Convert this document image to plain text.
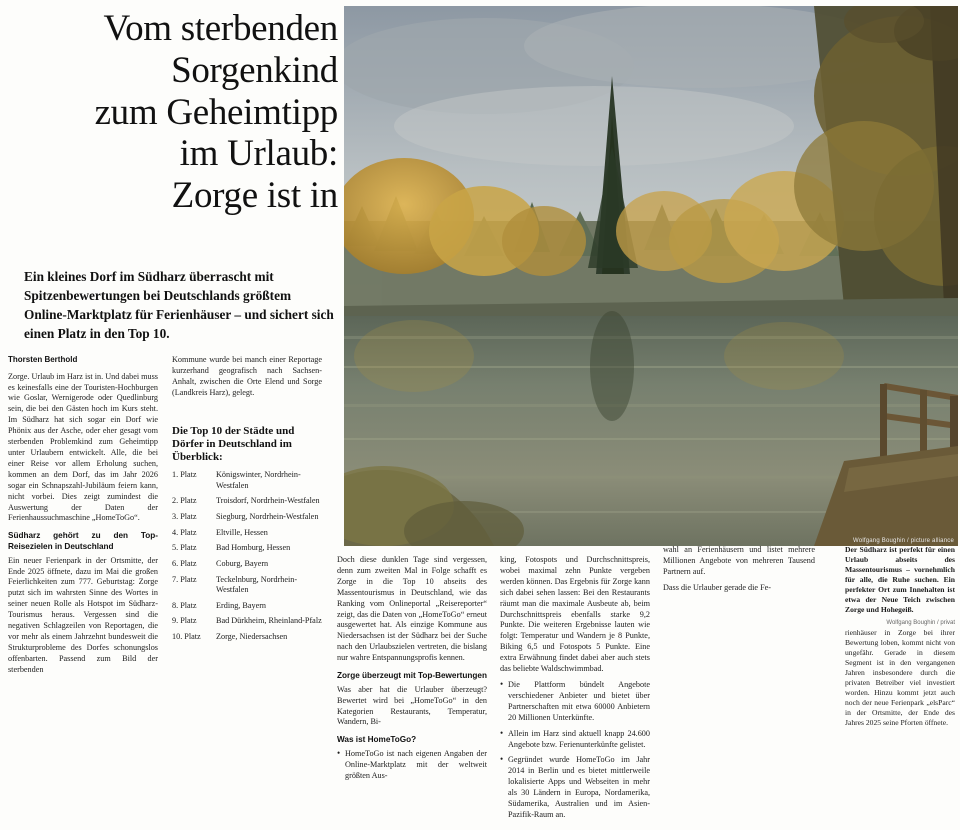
Vom sterbenden
Sorgenkind
zum Geheimtipp
im Urlaub:
Zorge ist in
Ein kleines Dorf im Südharz überrascht mit Spitzenbewertungen bei Deutschlands größtem Online-Marktplatz für Ferienhäuser – und sichert sich einen Platz in den Top 10.
Wolfgang Boughin / picture alliance
Thorsten Berthold

Zorge. Urlaub im Harz ist in. Und dabei muss es keinesfalls eine der Touristen-Hochburgen wie Goslar, Wernigerode oder Quedlinburg sein, die bei den Gästen hoch im Kurs steht. Im Südharz hat sich sogar ein Dorf wie Phönix aus der Asche, oder eher gesagt vom sterbenden Problemkind zum Geheimtipp unter Urlaubern entwickelt. Alle, die bei einer Reise vor allem Erholung suchen, kommen an dem Dorf, das im Jahr 2026 sogar ein Schnapszahl-Jubiläum feiern kann, nicht vorbei. Dies zeigt zumindest die Auswertung der Daten der Ferienhaussuchmaschine „HomeToGo“.

Südharz gehört zu den Top-Reisezielen in Deutschland

Ein neuer Ferienpark in der Ortsmitte, der Ende 2025 öffnete, dazu im Mai die großen Feierlichkeiten zum 777. Geburtstag: Zorge putzt sich im wahrsten Sinne des Wortes in seiner neuen Rolle als Hotspot im Südharz-Tourismus heraus. Vergessen sind die negativen Schlagzeilen von Reportagen, die vor mehr als einem Jahrzehnt bundesweit die Strukturprobleme des Dorfes schonungslos offenbarten. Passend zum Bild der sterbenden

Kommune wurde bei manch einer Reportage kurzerhand geografisch nach Sachsen-Anhalt, zwischen die Orte Elend und Sorge (Landkreis Harz), gelegt.

Die Top 10 der Städte und Dörfer in Deutschland im Überblick:
1. Platz	Königswinter, Nordrhein-Westfalen
2. Platz	Troisdorf, Nordrhein-Westfalen
3. Platz	Siegburg, Nordrhein-Westfalen
4. Platz	Eltville, Hessen
5. Platz	Bad Homburg, Hessen
6. Platz	Coburg, Bayern
7. Platz	Teckelnburg, Nordrhein-Westfalen
8. Platz	Erding, Bayern
9. Platz	Bad Dürkheim, Rheinland-Pfalz
10. Platz	Zorge, Niedersachsen

Doch diese dunklen Tage sind vergessen, denn zum zweiten Mal in Folge schafft es Zorge in die Top 10 abseits des Massentourismus in Deutschland, wie das Ranking vom Onlineportal „Reisereporter“ zeigt, das die Daten von „HomeToGo“ erneut ausgewertet hat. Als einzige Kommune aus Niedersachsen ist der Südharz bei der Suche nach den Urlaubszielen vertreten, die bislang nur wahre Entspannungsprofis kennen.

Zorge überzeugt mit Top-Bewertungen

Was aber hat die Urlauber überzeugt? Bewertet wird bei „HomeToGo“ in den Kategorien Restaurants, Temperatur, Wandern, Bi-

Was ist HomeToGo?
• HomeToGo ist nach eigenen Angaben der Online-Marktplatz mit der weltweit größten Aus-

king, Fotospots und Durchschnittspreis, wobei maximal zehn Punkte vergeben werden können. Das Ergebnis für Zorge kann sich dabei sehen lassen: Bei den Restaurants räumt man die maximale Ausbeute ab, beim Durchschnittspreis ebenfalls starke 9,2 Punkte. Die weiteren Ergebnisse lauten wie folgt: Temperatur und Wandern je 8 Punkte, Biking 6,5 und Fotospots 5 Punkte. Eine extra Erwähnung findet dabei aber auch stets das beliebte Waldschwimmbad.

• Die Plattform bündelt Angebote verschiedener Anbieter und bietet über Partnerschaften mit etwa 60000 Anbietern 20 Millionen Unterkünfte.
• Allein im Harz sind aktuell knapp 24.600 Angebote bzw. Ferienunterkünfte gelistet.
• Gegründet wurde HomeToGo im Jahr 2014 in Berlin und es bietet mittlerweile lokalisierte Apps und Webseiten in mehr als 30 Ländern in Europa, Nordamerika, Südamerika, Australien und im Asien-Pazifik-Raum an.

wahl an Ferienhäusern und listet mehrere Millionen Angebote von mehreren Tausend Partnern auf.

Dass die Urlauber gerade die Fe-

Der Südharz ist perfekt für einen Urlaub abseits des Massentourismus – vornehmlich für alle, die Ruhe suchen. Ein perfekter Ort zum Innehalten ist etwa der Neue Teich zwischen Zorge und Hohegeiß.

Wolfgang Boughin / privat

rienhäuser in Zorge bei ihrer Bewertung loben, kommt nicht von ungefähr. Gerade in diesem Segment ist in den vergangenen Jahren insbesondere durch die privaten Betreiber viel investiert worden. Hinzu kommt jetzt auch noch der neue Ferienpark „elsParc“ in der Ortsmitte, der Ende des Jahres 2025 seine Pforten öffnete.
